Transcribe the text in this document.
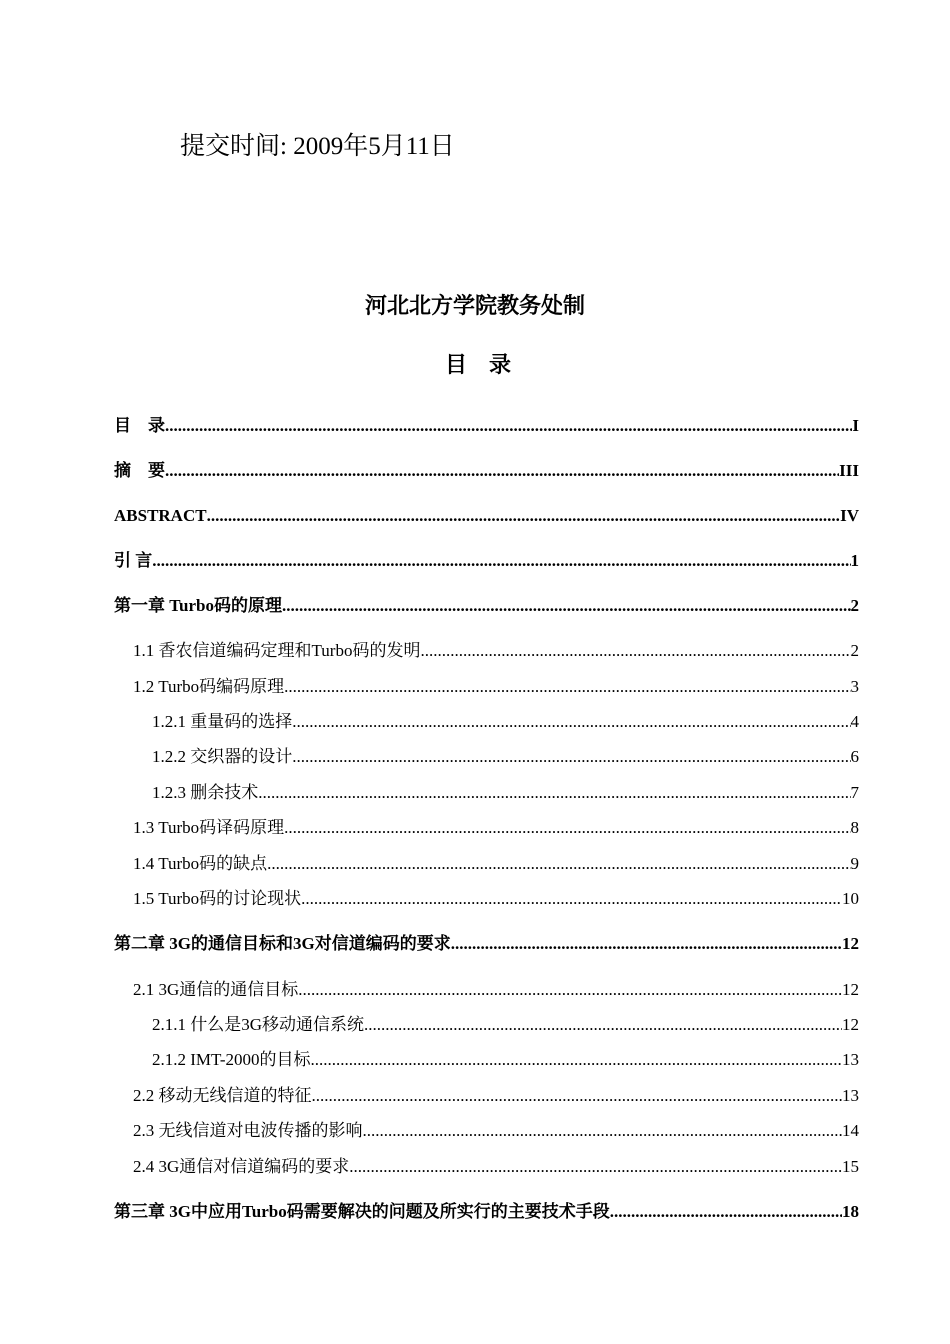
提交时间: 2009年5月11日
河北北方学院教务处制
目录
目    录 .....	I
摘    要 .....	III
ABSTRACT .....	IV
引 言 .....	1
第一章 Turbo码的原理 .....	2
1.1 香农信道编码定理和Turbo码的发明 .....	2
1.2 Turbo码编码原理 .....	3
1.2.1 重量码的选择 .....	4
1.2.2 交织器的设计 .....	6
1.2.3 删余技术 .....	7
1.3 Turbo码译码原理 .....	8
1.4 Turbo码的缺点 .....	9
1.5 Turbo码的讨论现状 .....	10
第二章 3G的通信目标和3G对信道编码的要求 .....	12
2.1 3G通信的通信目标 .....	12
2.1.1 什么是3G移动通信系统 .....	12
2.1.2 IMT-2000的目标 .....	13
2.2 移动无线信道的特征 .....	13
2.3 无线信道对电波传播的影响 .....	14
2.4 3G通信对信道编码的要求 .....	15
第三章 3G中应用Turbo码需要解决的问题及所实行的主要技术手段 .....	18
